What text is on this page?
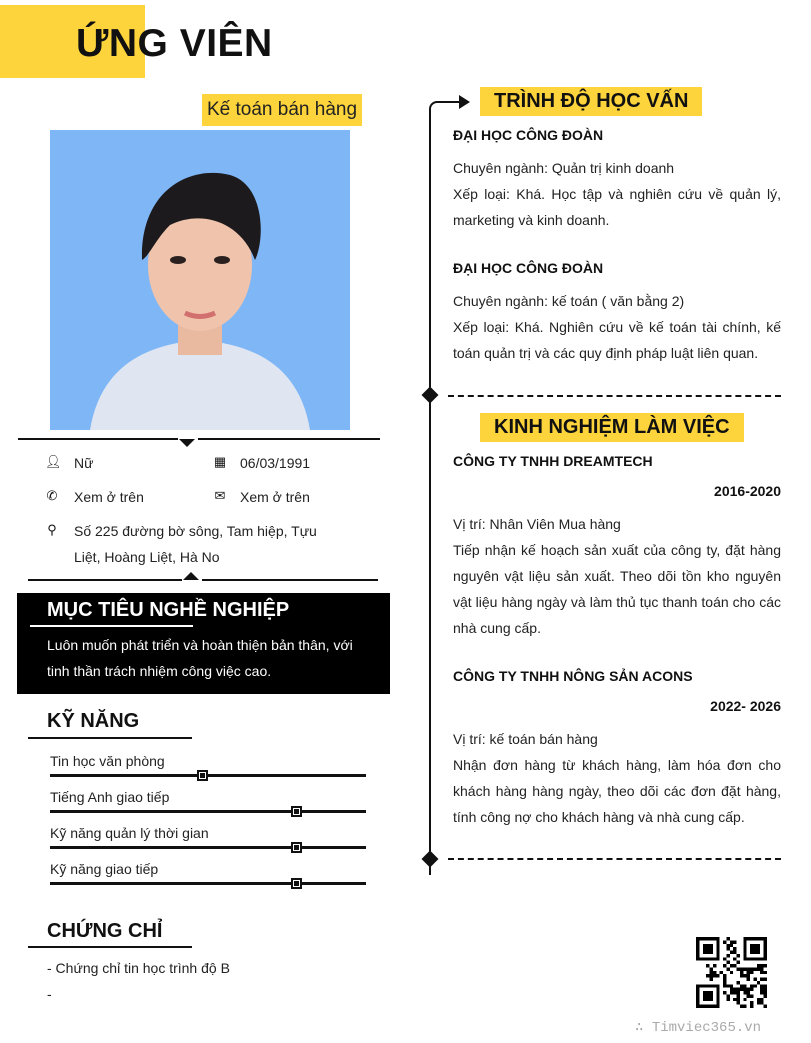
ỨNG VIÊN
Kế toán bán hàng
👤︎ Nữ	▦ 06/03/1991
✆ Xem ở trên	✉ Xem ở trên
⚲ Số 225 đường bờ sông, Tam hiệp, Tựu
Liệt, Hoàng Liệt, Hà No
MỤC TIÊU NGHỀ NGHIỆP
Luôn muốn phát triển và hoàn thiện bản thân, với
tinh thần trách nhiệm công việc cao.
KỸ NĂNG
Tin học văn phòng
Tiếng Anh giao tiếp
Kỹ năng quản lý thời gian
Kỹ năng giao tiếp
CHỨNG CHỈ
- Chứng chỉ tin học trình độ B
-
TRÌNH ĐỘ HỌC VẤN
ĐẠI HỌC CÔNG ĐOÀN
Chuyên ngành: Quản trị kinh doanh
Xếp loại: Khá. Học tập và nghiên cứu về quản lý,
marketing và kinh doanh.
ĐẠI HỌC CÔNG ĐOÀN
Chuyên ngành: kế toán ( văn bằng 2)
Xếp loại: Khá. Nghiên cứu về kế toán tài chính, kế
toán quản trị và các quy định pháp luật liên quan.
KINH NGHIỆM LÀM VIỆC
CÔNG TY TNHH DREAMTECH
2016-2020
Vị trí: Nhân Viên Mua hàng
Tiếp nhận kế hoạch sản xuất của công ty, đặt hàng
nguyên vật liệu sản xuất. Theo dõi tồn kho nguyên
vật liệu hàng ngày và làm thủ tục thanh toán cho các
nhà cung cấp.
CÔNG TY TNHH NÔNG SẢN ACONS
2022- 2026
Vị trí: kế toán bán hàng
Nhận đơn hàng từ khách hàng, làm hóa đơn cho
khách hàng hàng ngày, theo dõi các đơn đặt hàng,
tính công nợ cho khách hàng và nhà cung cấp.
∴ Timviec365.vn
